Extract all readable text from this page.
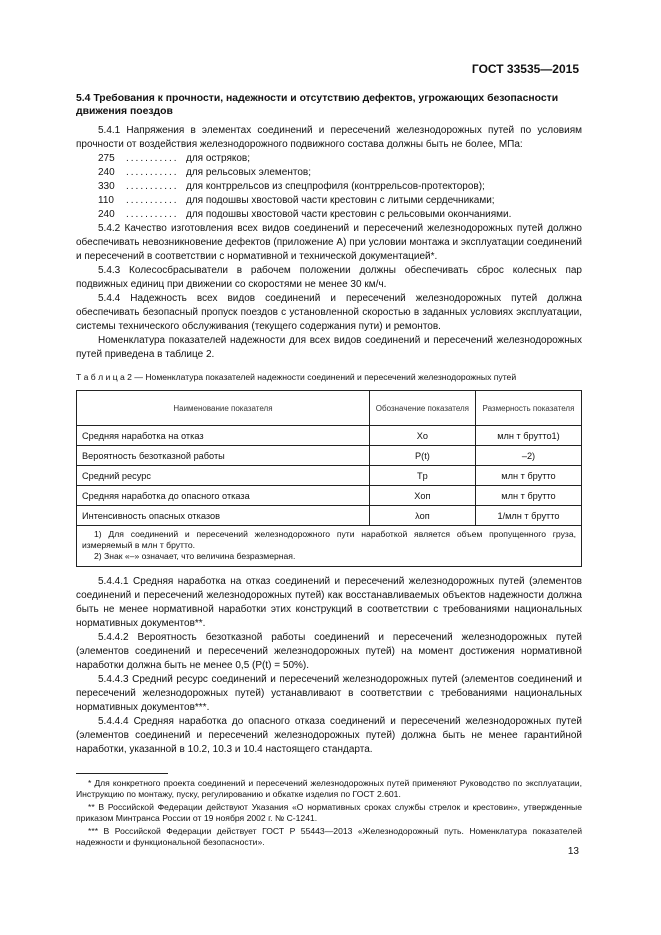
ГОСТ 33535—2015
5.4 Требования к прочности, надежности и отсутствию дефектов, угрожающих безопасности движения поездов

5.4.1 Напряжения в элементах соединений и пересечений железнодорожных путей по условиям прочности от воздействия железнодорожного подвижного состава должны быть не более, МПа:

275	........... для остряков;
240	........... для рельсовых элементов;
330	........... для контррельсов из спецпрофиля (контррельсов-протекторов);
110	........... для подошвы хвостовой части крестовин с литыми сердечниками;
240	........... для подошвы хвостовой части крестовин с рельсовыми окончаниями.

5.4.2 Качество изготовления всех видов соединений и пересечений железнодорожных путей должно обеспечивать невозникновение дефектов (приложение А) при условии монтажа и эксплуатации соединений и пересечений в соответствии с нормативной и технической документацией*.

5.4.3 Колесосбрасыватели в рабочем положении должны обеспечивать сброс колесных пар подвижных единиц при движении со скоростями не менее 30 км/ч.

5.4.4 Надежность всех видов соединений и пересечений железнодорожных путей должна обеспечивать безопасный пропуск поездов с установленной скоростью в заданных условиях эксплуатации, системы технического обслуживания (текущего содержания пути) и ремонтов.

Номенклатура показателей надежности для всех видов соединений и пересечений железнодорожных путей приведена в таблице 2.

Т а б л и ц а 2 — Номенклатура показателей надежности соединений и пересечений железнодорожных путей
Наименование показателя	Обозначение показателя	Размерность показателя
Средняя наработка на отказ	Xо	млн т брутто1)
Вероятность безотказной работы	P(t)	–2)
Средний ресурс	Tр	млн т брутто
Средняя наработка до опасного отказа	Xоп	млн т брутто
Интенсивность опасных отказов	λоп	1/млн т брутто

1) Для соединений и пересечений железнодорожного пути наработкой является объем пропущенного груза, измеряемый в млн т брутто.

2) Знак «–» означает, что величина безразмерная.

5.4.4.1 Средняя наработка на отказ соединений и пересечений железнодорожных путей (элементов соединений и пересечений железнодорожных путей) как восстанавливаемых объектов надежности должна быть не менее нормативной наработки этих конструкций в соответствии с требованиями национальных нормативных документов**.

5.4.4.2 Вероятность безотказной работы соединений и пересечений железнодорожных путей (элементов соединений и пересечений железнодорожных путей) на момент достижения нормативной наработки должна быть не менее 0,5 (P(t) = 50%).

5.4.4.3 Средний ресурс соединений и пересечений железнодорожных путей (элементов соединений и пересечений железнодорожных путей) устанавливают в соответствии с требованиями национальных нормативных документов***.

5.4.4.4 Средняя наработка до опасного отказа соединений и пересечений железнодорожных путей (элементов соединений и пересечений железнодорожных путей) должна быть не менее гарантийной наработки, указанной в 10.2, 10.3 и 10.4 настоящего стандарта.

* Для конкретного проекта соединений и пересечений железнодорожных путей применяют Руководство по эксплуатации, Инструкцию по монтажу, пуску, регулированию и обкатке изделия по ГОСТ 2.601.

** В Российской Федерации действуют Указания «О нормативных сроках службы стрелок и крестовин», утвержденные приказом Минтранса России от 19 ноября 2002 г. № С-1241.

*** В Российской Федерации действует ГОСТ Р 55443—2013 «Железнодорожный путь. Номенклатура показателей надежности и функциональной безопасности».

13
